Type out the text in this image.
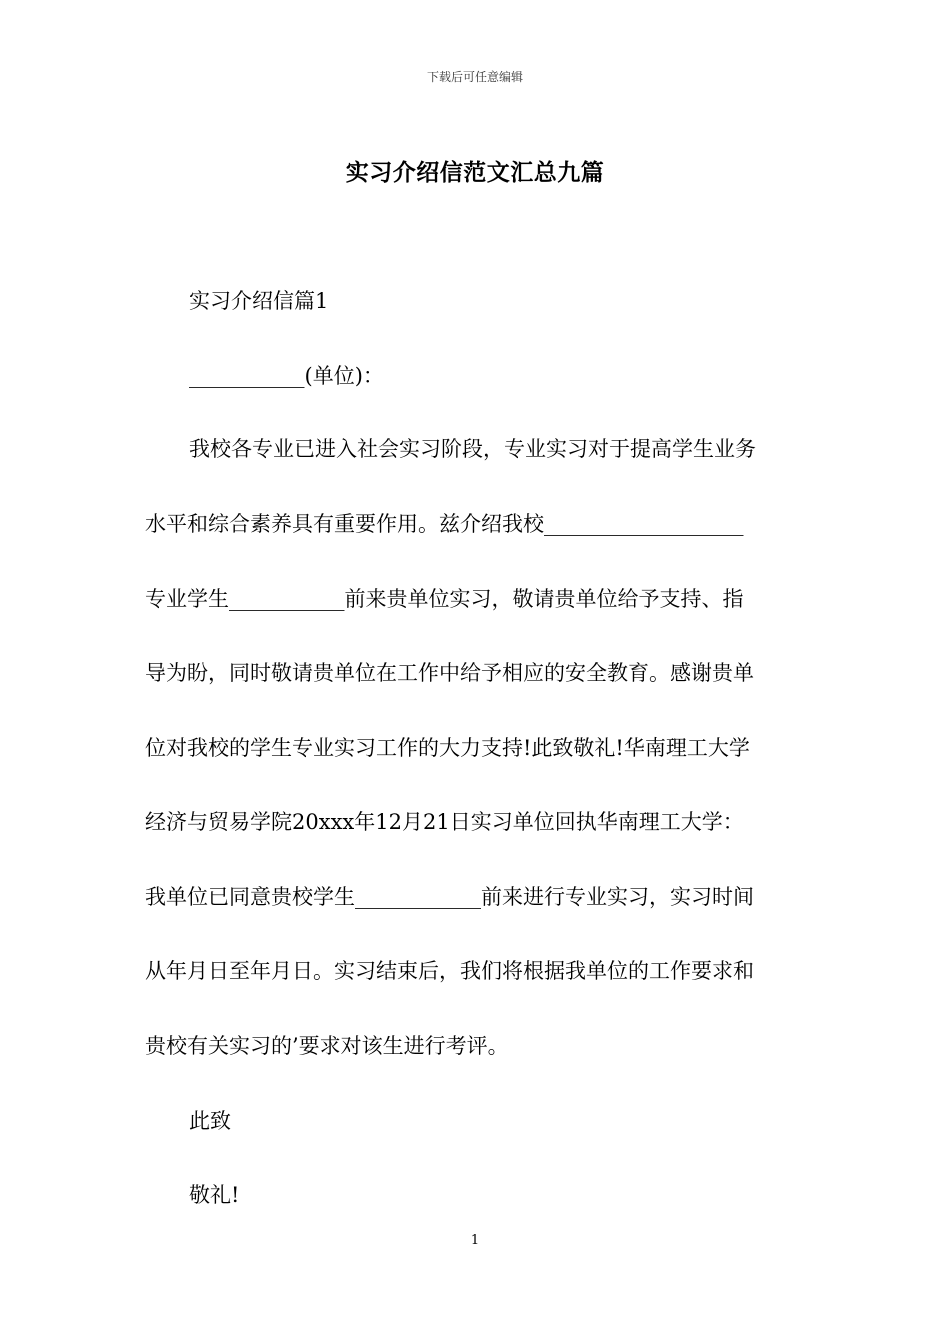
下载后可任意编辑
实习介绍信范文汇总九篇
实习介绍信篇1
___________(单位)：
我校各专业已进入社会实习阶段，专业实习对于提高学生业务
水平和综合素养具有重要作用。兹介绍我校___________________
专业学生___________前来贵单位实习，敬请贵单位给予支持、指
导为盼，同时敬请贵单位在工作中给予相应的安全教育。感谢贵单
位对我校的学生专业实习工作的大力支持!此致敬礼!华南理工大学
经济与贸易学院20xxx年12月21日实习单位回执华南理工大学：
我单位已同意贵校学生____________前来进行专业实习，实习时间
从年月日至年月日。实习结束后，我们将根据我单位的工作要求和
贵校有关实习的’要求对该生进行考评。
此致
敬礼!
1
